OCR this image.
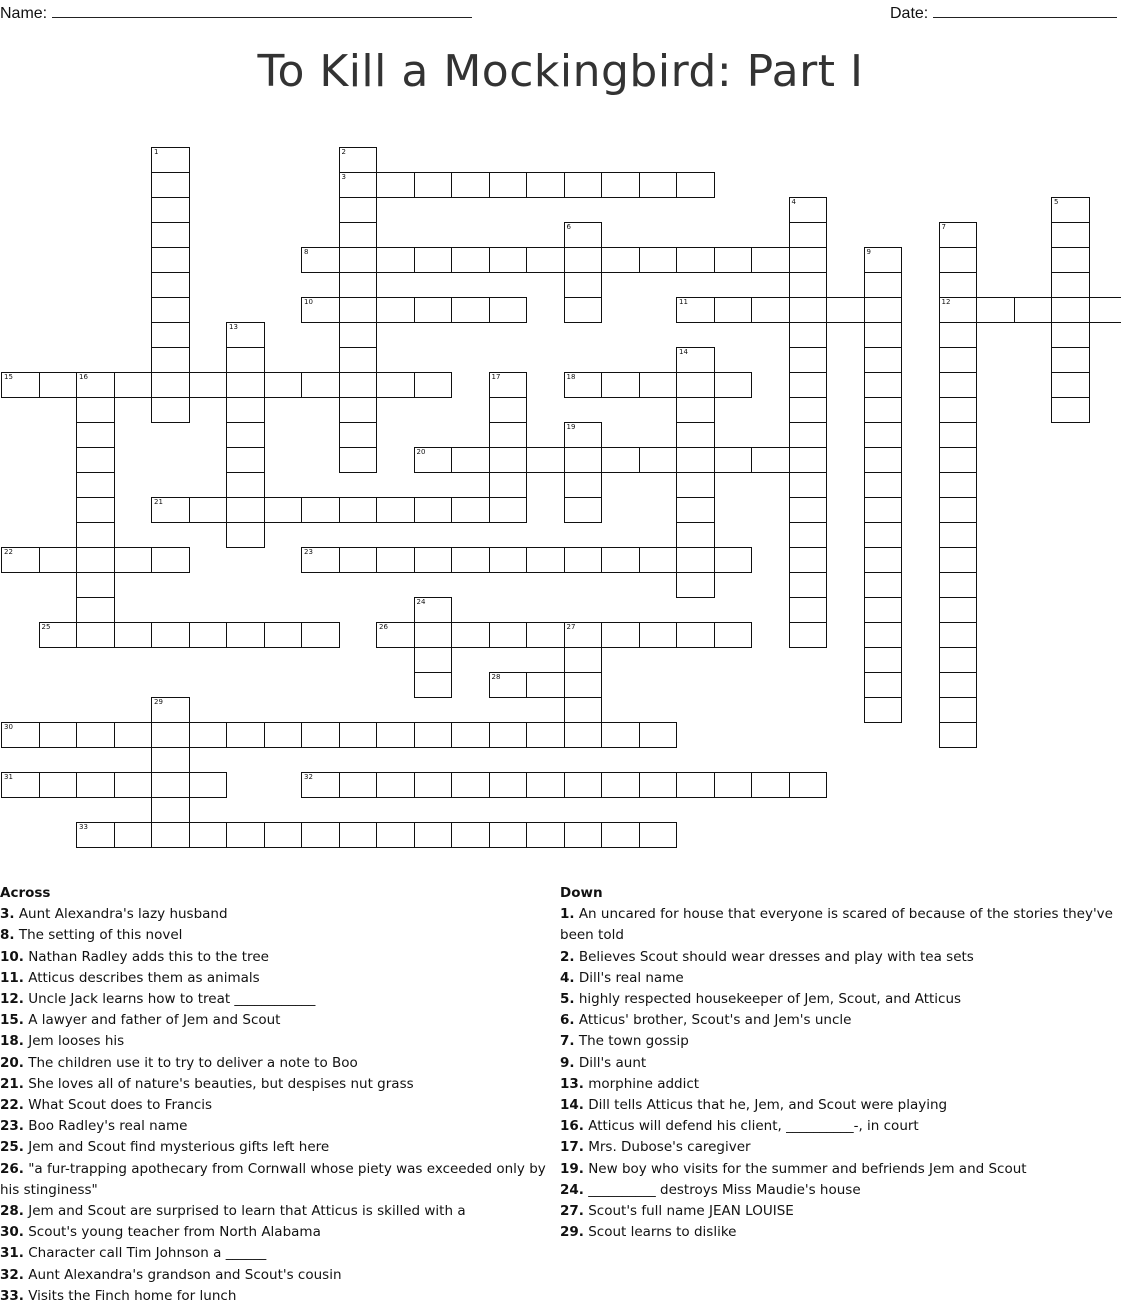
Name:	Date:
To Kill a Mockingbird: Part I
1	2
3
4	5
6	7
12
8	9
10	11
13
14
15	16	17	18
19
20
21
22	23
24
25	26	27
28
29
30
31	32
33
Across
3. Aunt Alexandra's lazy husband
8. The setting of this novel
10. Nathan Radley adds this to the tree
11. Atticus describes them as animals
12. Uncle Jack learns how to treat ____________
15. A lawyer and father of Jem and Scout
18. Jem looses his
20. The children use it to try to deliver a note to Boo
21. She loves all of nature's beauties, but despises nut grass
22. What Scout does to Francis
23. Boo Radley's real name
25. Jem and Scout find mysterious gifts left here
26. "a fur-trapping apothecary from Cornwall whose piety was exceeded only by his stinginess"
28. Jem and Scout are surprised to learn that Atticus is skilled with a
30. Scout's young teacher from North Alabama
31. Character call Tim Johnson a ______
32. Aunt Alexandra's grandson and Scout's cousin
33. Visits the Finch home for lunch
Down
1. An uncared for house that everyone is scared of because of the stories they've been told
2. Believes Scout should wear dresses and play with tea sets
4. Dill's real name
5. highly respected housekeeper of Jem, Scout, and Atticus
6. Atticus' brother, Scout's and Jem's uncle
7. The town gossip
9. Dill's aunt
13. morphine addict
14. Dill tells Atticus that he, Jem, and Scout were playing
16. Atticus will defend his client, __________-, in court
17. Mrs. Dubose's caregiver
19. New boy who visits for the summer and befriends Jem and Scout
24. __________ destroys Miss Maudie's house
27. Scout's full name JEAN LOUISE
29. Scout learns to dislike
